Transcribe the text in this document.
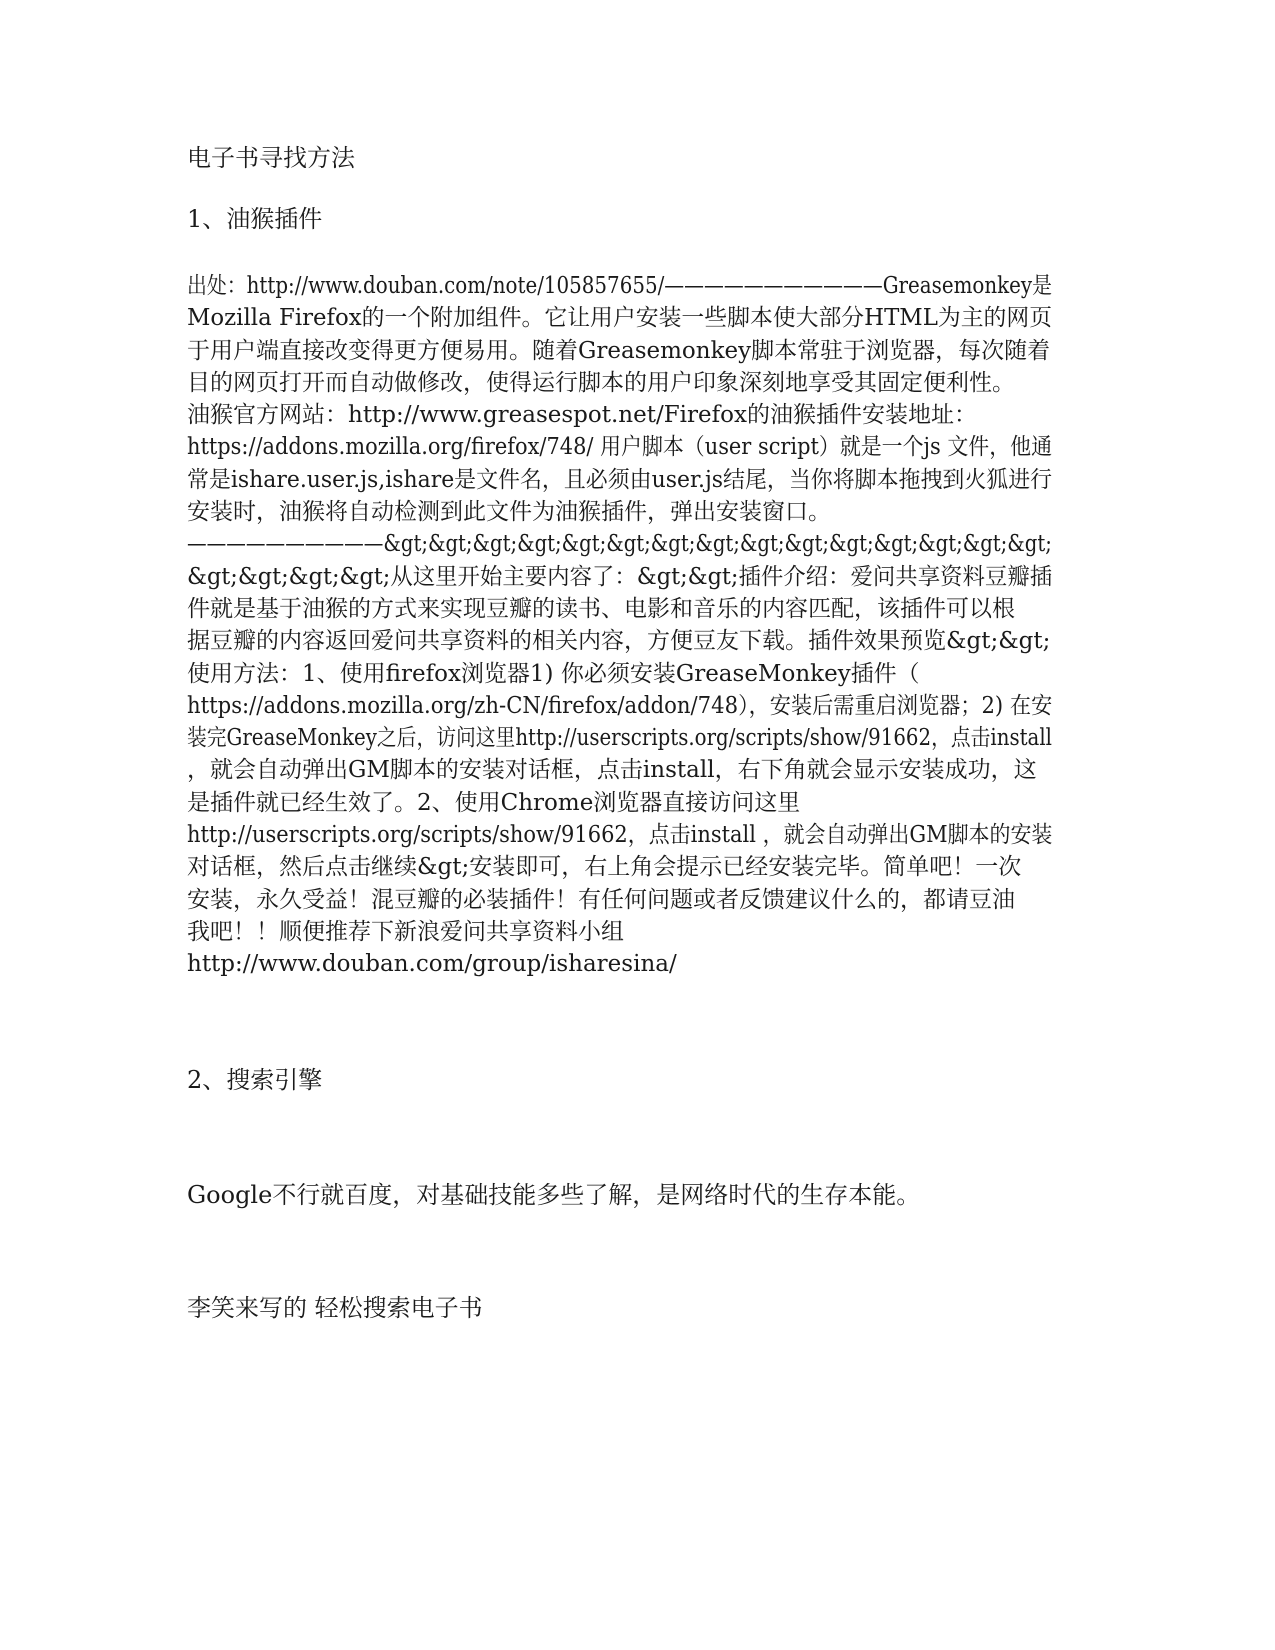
电子书寻找方法
1、油猴插件
出处：http://www.douban.com/note/105857655/———————————Greasemonkey是
Mozilla Firefox的一个附加组件。它让用户安装一些脚本使大部分HTML为主的网页
于用户端直接改变得更方便易用。随着Greasemonkey脚本常驻于浏览器，每次随着
目的网页打开而自动做修改，使得运行脚本的用户印象深刻地享受其固定便利性。
油猴官方网站：http://www.greasespot.net/Firefox的油猴插件安装地址：
https://addons.mozilla.org/firefox/748/ 用户脚本（user script）就是一个js 文件，他通
常是ishare.user.js,ishare是文件名，且必须由user.js结尾，当你将脚本拖拽到火狐进行
安装时，油猴将自动检测到此文件为油猴插件，弹出安装窗口。
——————————&gt;&gt;&gt;&gt;&gt;&gt;&gt;&gt;&gt;&gt;&gt;&gt;&gt;&gt;&gt;
&gt;&gt;&gt;&gt;从这里开始主要内容了：&gt;&gt;插件介绍：爱问共享资料豆瓣插
件就是基于油猴的方式来实现豆瓣的读书、电影和音乐的内容匹配，该插件可以根
据豆瓣的内容返回爱问共享资料的相关内容，方便豆友下载。插件效果预览&gt;&gt;
使用方法：1、使用firefox浏览器1) 你必须安装GreaseMonkey插件（
https://addons.mozilla.org/zh-CN/firefox/addon/748），安装后需重启浏览器；2) 在安
装完GreaseMonkey之后，访问这里http://userscripts.org/scripts/show/91662，点击install
，就会自动弹出GM脚本的安装对话框，点击install，右下角就会显示安装成功，这
是插件就已经生效了。2、使用Chrome浏览器直接访问这里
http://userscripts.org/scripts/show/91662，点击install ，就会自动弹出GM脚本的安装
对话框，然后点击继续&gt;安装即可，右上角会提示已经安装完毕。简单吧！一次
安装，永久受益！混豆瓣的必装插件！有任何问题或者反馈建议什么的，都请豆油
我吧！！顺便推荐下新浪爱问共享资料小组
http://www.douban.com/group/isharesina/
2、搜索引擎
Google不行就百度，对基础技能多些了解，是网络时代的生存本能。
李笑来写的 轻松搜索电子书
